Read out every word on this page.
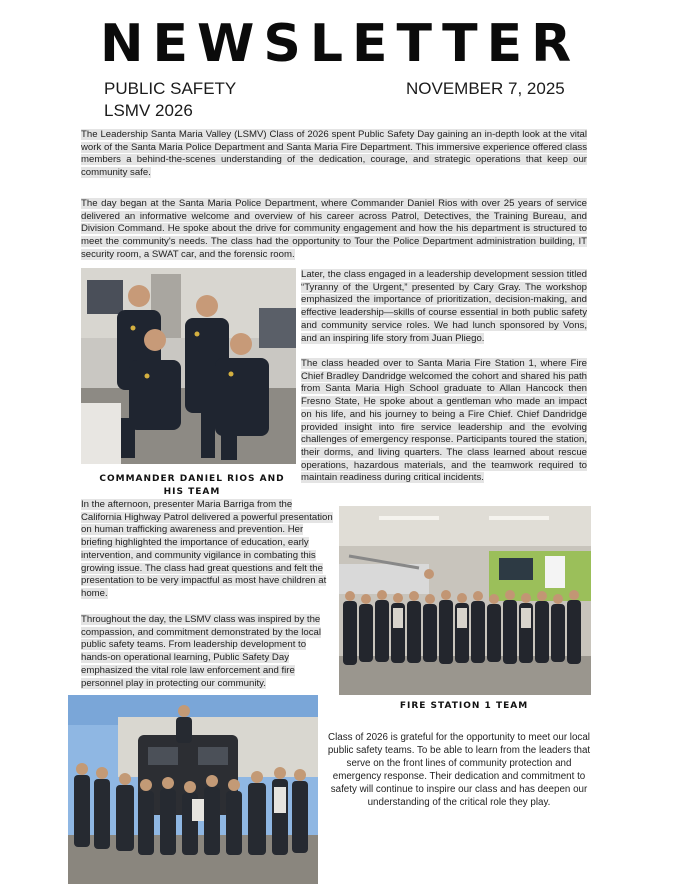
NEWSLETTER
PUBLIC SAFETY
LSMV 2026
NOVEMBER 7, 2025

The Leadership Santa Maria Valley (LSMV) Class of 2026 spent Public Safety Day gaining an in-depth look at the vital work of the Santa Maria Police Department and Santa Maria Fire Department. This immersive experience offered class members a behind-the-scenes understanding of the dedication, courage, and strategic operations that keep our community safe.

The day began at the Santa Maria Police Department, where Commander Daniel Rios with over 25 years of service delivered an informative welcome and overview of his career across Patrol, Detectives, the Training Bureau, and Division Command. He spoke about the drive for community engagement and how the his department is structured to meet the community's needs. The class had the opportunity to Tour the Police Department administration building, IT security room, a SWAT car, and the forensic room.

Later, the class engaged in a leadership development session titled “Tyranny of the Urgent,” presented by Cary Gray. The workshop emphasized the importance of prioritization, decision-making, and effective leadership—skills of course essential in both public safety and community service roles. We had lunch sponsored by Vons, and an inspiring life story from Juan Pliego.

The class headed over to Santa Maria Fire Station 1, where Fire Chief Bradley Dandridge welcomed the cohort and shared his path from Santa Maria High School graduate to Allan Hancock then Fresno State, He spoke about a gentleman who made an impact on his life, and his journey to being a Fire Chief. Chief Dandridge provided insight into fire service leadership and the evolving challenges of emergency response. Participants toured the station, their dorms, and living quarters. The class learned about rescue operations, hazardous materials, and the teamwork required to maintain readiness during critical incidents.

In the afternoon, presenter Maria Barriga from the California Highway Patrol delivered a powerful presentation on human trafficking awareness and prevention. Her briefing highlighted the importance of education, early intervention, and community vigilance in combating this growing issue. The class had great questions and felt the presentation to be very impactful as most have children at home.

Throughout the day, the LSMV class was inspired by the compassion, and commitment demonstrated by the local public safety teams. From leadership development to hands-on operational learning, Public Safety Day emphasized the vital role law enforcement and fire personnel play in protecting our community.

Class of 2026 is grateful for the opportunity to meet our local public safety teams. To be able to learn from the leaders that serve on the front lines of community protection and emergency response. Their dedication and commitment to safety will continue to inspire our class and has deepen our understanding of the critical role they play.

COMMANDER DANIEL RIOS AND HIS TEAM
FIRE STATION 1 TEAM
